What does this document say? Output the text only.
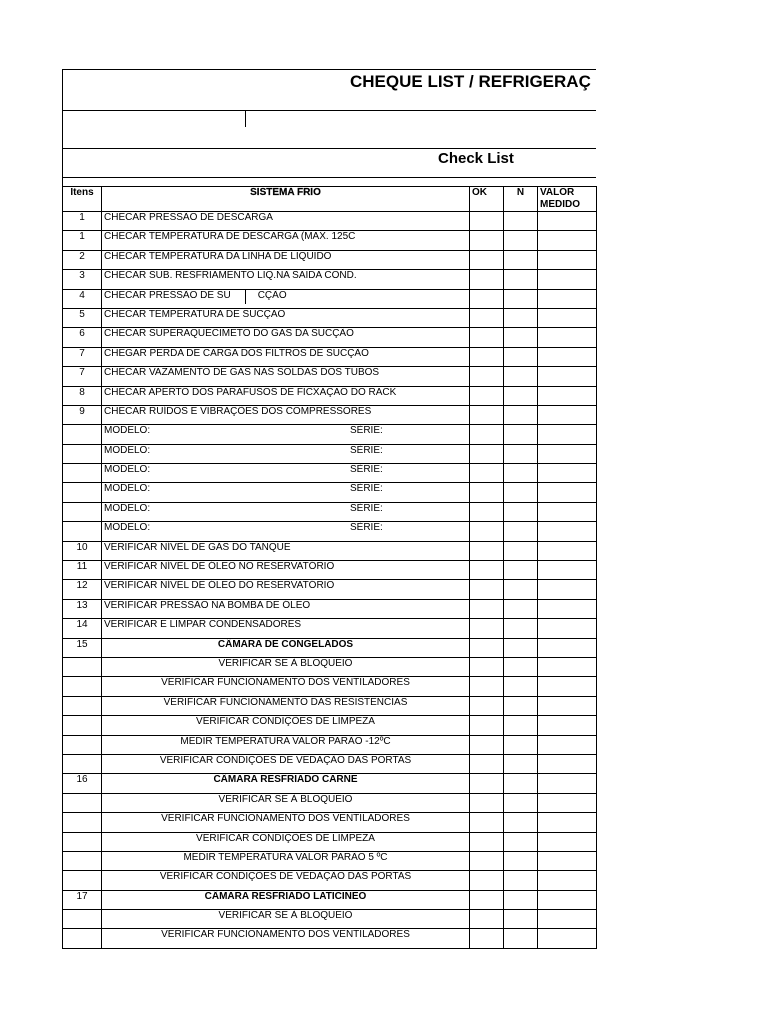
CHEQUE LIST / REFRIGERAÇ
Check List
Itens	SISTEMA FRIO	OK	N	VALOR MEDIDO
1	CHECAR PRESSÃO DE DESCARGA			
1	CHECAR TEMPERATURA DE DESCARGA (MAX. 125C			
2	CHECAR TEMPERATURA DA LINHA DE LIQUIDO			
3	CHECAR SUB. RESFRIAMENTO LIQ.NA SAIDA COND.			
4	CHECAR PRESSÃO DE SU CÇÃO			
5	CHECAR TEMPERATURA DE SUCÇAO			
6	CHECAR SUPERAQUECIMETO DO GAS DA SUCÇÃO			
7	CHEGAR PERDA DE CARGA DOS FILTROS DE SUCÇÃO			
7	CHECAR VAZAMENTO DE GAS NAS SOLDAS DOS TUBOS			
8	CHECAR APERTO DOS PARAFUSOS DE FICXAÇAO DO RACK			
9	CHECAR RUÍDOS E VIBRAÇÕES DOS COMPRESSORES			
	MODELO: SÈRIE:			

	MODELO: SÈRIE:			

	MODELO: SÈRIE:			

	MODELO: SÈRIE:			

	MODELO: SÈRIE:			

	MODELO: SÈRIE:			

10	VERIFICAR NÍVEL DE GÁS DO TANQUE			
11	VERIFICAR NÍVEL DE ÓLEO NO RESERVATÓRIO			
12	VERIFICAR NÍVEL DE ÓLEO DO RESERVATÓRIO			
13	VERIFICAR PRESSÃO NA BOMBA DE ÓLEO			
14	VERIFICAR E LIMPAR CONDENSADORES			
15	CÂMARA DE CONGELADOS			
	VERIFICAR SE À BLOQUEIO			
	VERIFICAR FUNCIONAMENTO DOS VENTILADORES			
	VERIFICAR FUNCIONAMENTO DAS RESISTENCIAS			
	VERIFICAR CONDIÇÕES DE LIMPEZA			
	MEDIR TEMPERATURA VALOR PARÃO -12ºC			
	VERIFICAR CONDIÇÕES DE VEDAÇÃO DAS PORTAS			
16	CÂMARA RESFRIADO CARNE			
	VERIFICAR SE À BLOQUEIO			
	VERIFICAR FUNCIONAMENTO DOS VENTILADORES			
	VERIFICAR CONDIÇÕES DE LIMPEZA			
	MEDIR TEMPERATURA VALOR PARÃO 5 ºC			
	VERIFICAR CONDIÇÕES DE VEDAÇÃO DAS PORTAS			
17	CÂMARA RESFRIADO LATICINEO			
	VERIFICAR SE À BLOQUEIO			
	VERIFICAR FUNCIONAMENTO DOS VENTILADORES			
